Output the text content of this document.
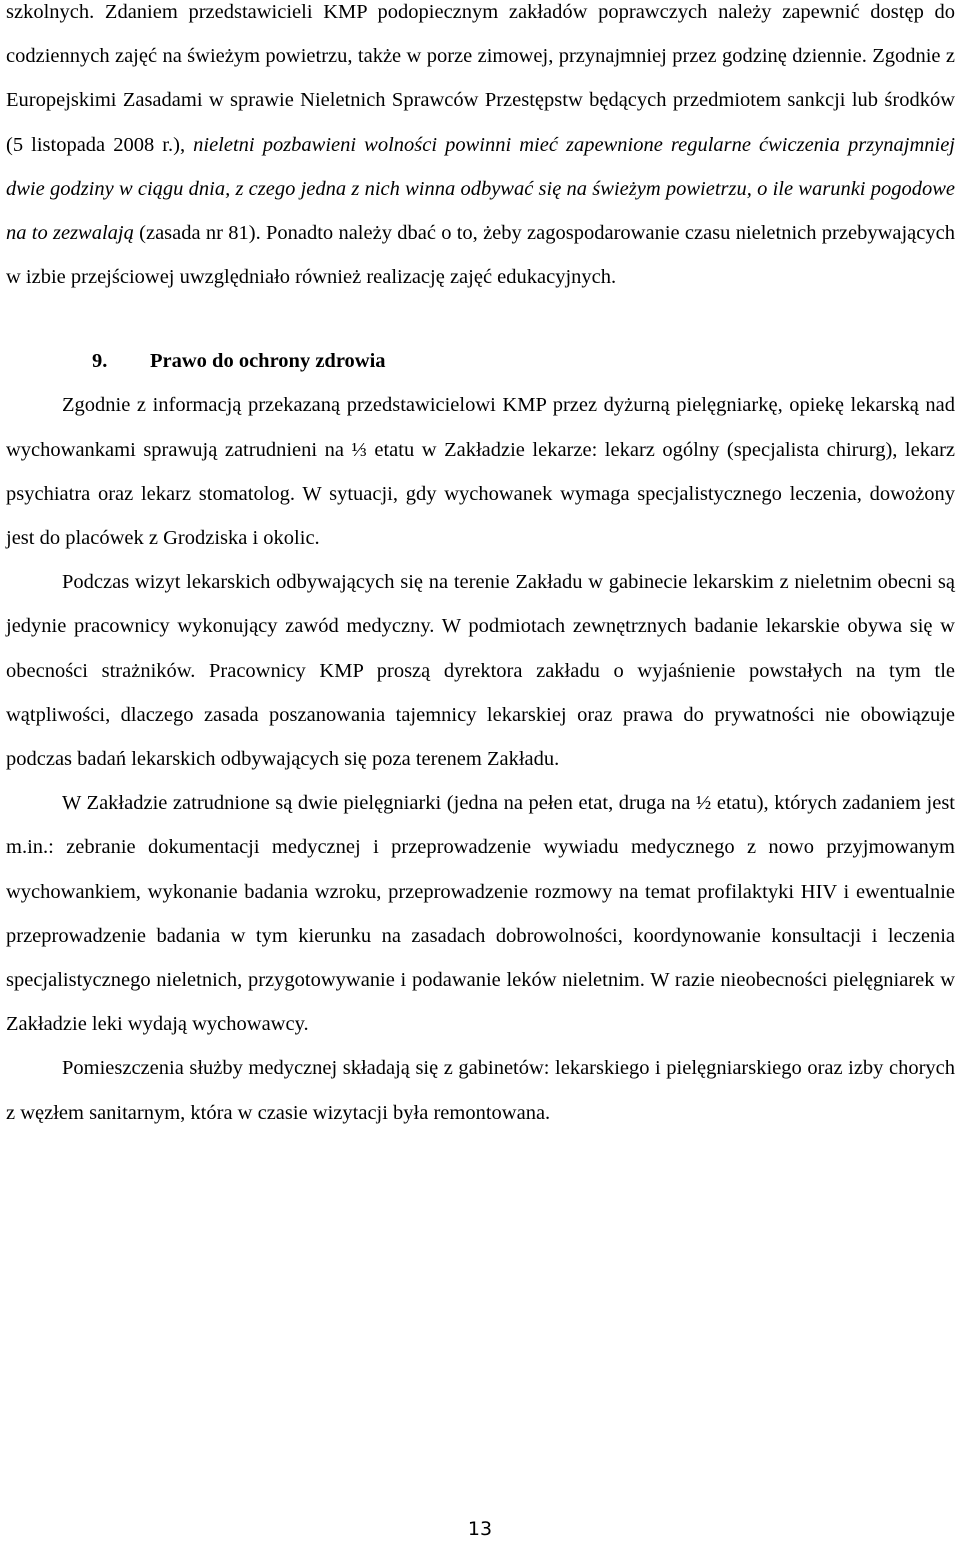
szkolnych. Zdaniem przedstawicieli KMP podopiecznym zakładów poprawczych należy zapewnić dostęp do codziennych zajęć na świeżym powietrzu, także w porze zimowej, przynajmniej przez godzinę dziennie. Zgodnie z Europejskimi Zasadami w sprawie Nieletnich Sprawców Przestępstw będących przedmiotem sankcji lub środków (5 listopada 2008 r.), nieletni pozbawieni wolności powinni mieć zapewnione regularne ćwiczenia przynajmniej dwie godziny w ciągu dnia, z czego jedna z nich winna odbywać się na świeżym powietrzu, o ile warunki pogodowe na to zezwalają (zasada nr 81). Ponadto należy dbać o to, żeby zagospodarowanie czasu nieletnich przebywających w izbie przejściowej uwzględniało również realizację zajęć edukacyjnych.

9. Prawo do ochrony zdrowia

Zgodnie z informacją przekazaną przedstawicielowi KMP przez dyżurną pielęgniarkę, opiekę lekarską nad wychowankami sprawują zatrudnieni na ⅓ etatu w Zakładzie lekarze: lekarz ogólny (specjalista chirurg), lekarz psychiatra oraz lekarz stomatolog. W sytuacji, gdy wychowanek wymaga specjalistycznego leczenia, dowożony jest do placówek z Grodziska i okolic.

Podczas wizyt lekarskich odbywających się na terenie Zakładu w gabinecie lekarskim z nieletnim obecni są jedynie pracownicy wykonujący zawód medyczny. W podmiotach zewnętrznych badanie lekarskie obywa się w obecności strażników. Pracownicy KMP proszą dyrektora zakładu o wyjaśnienie powstałych na tym tle wątpliwości, dlaczego zasada poszanowania tajemnicy lekarskiej oraz prawa do prywatności nie obowiązuje podczas badań lekarskich odbywających się poza terenem Zakładu.

W Zakładzie zatrudnione są dwie pielęgniarki (jedna na pełen etat, druga na ½ etatu), których zadaniem jest m.in.: zebranie dokumentacji medycznej i przeprowadzenie wywiadu medycznego z nowo przyjmowanym wychowankiem, wykonanie badania wzroku, przeprowadzenie rozmowy na temat profilaktyki HIV i ewentualnie przeprowadzenie badania w tym kierunku na zasadach dobrowolności, koordynowanie konsultacji i leczenia specjalistycznego nieletnich, przygotowywanie i podawanie leków nieletnim. W razie nieobecności pielęgniarek w Zakładzie leki wydają wychowawcy.

Pomieszczenia służby medycznej składają się z gabinetów: lekarskiego i pielęgniarskiego oraz izby chorych z węzłem sanitarnym, która w czasie wizytacji była remontowana.

13
